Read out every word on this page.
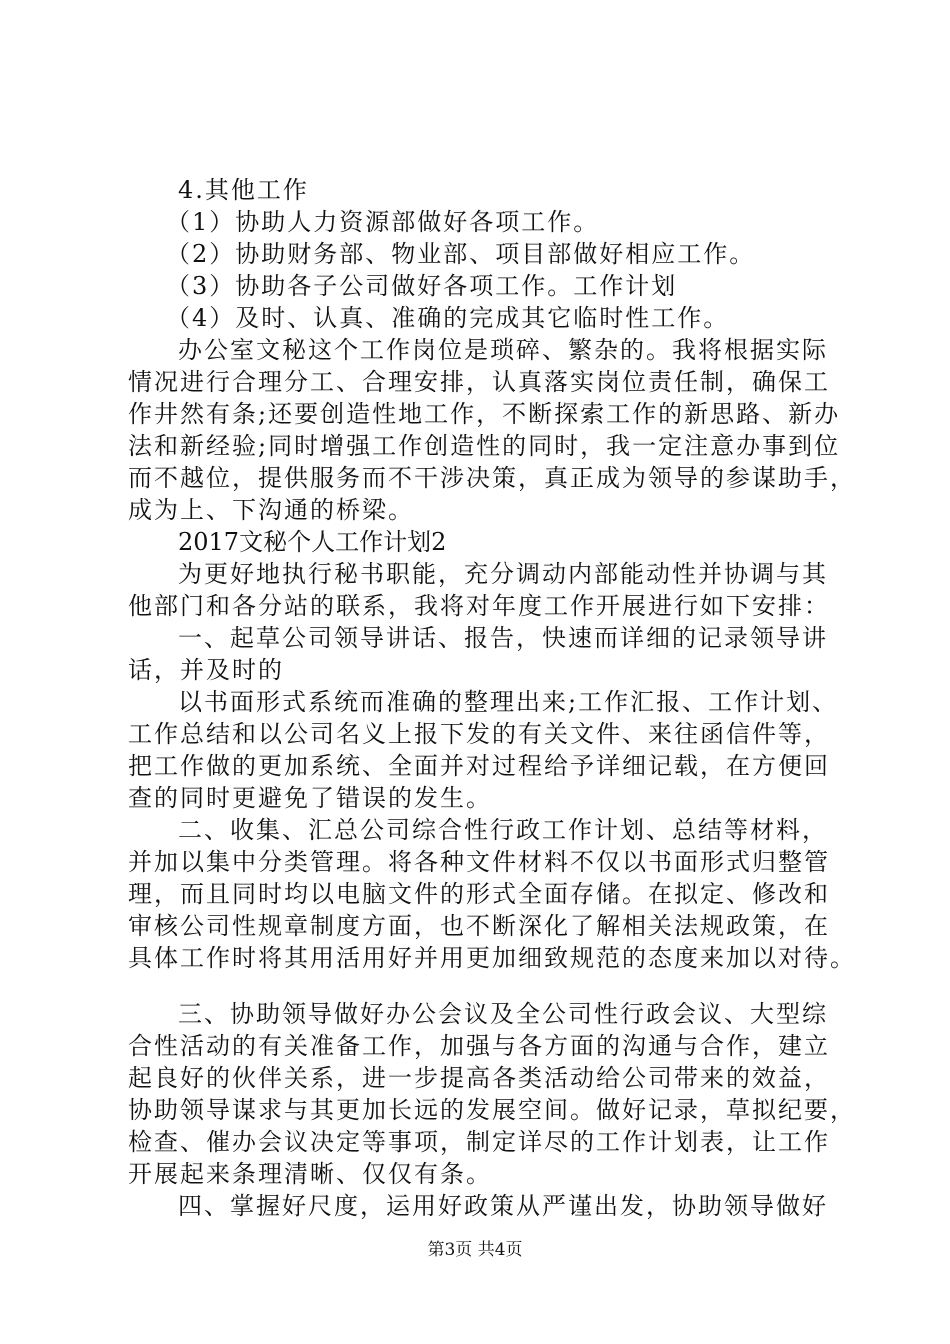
4.其他工作
（1）协助人力资源部做好各项工作。
（2）协助财务部、物业部、项目部做好相应工作。
（3）协助各子公司做好各项工作。工作计划
（4）及时、认真、准确的完成其它临时性工作。
办公室文秘这个工作岗位是琐碎、繁杂的。我将根据实际
情况进行合理分工、合理安排，认真落实岗位责任制，确保工
作井然有条;还要创造性地工作，不断探索工作的新思路、新办
法和新经验;同时增强工作创造性的同时，我一定注意办事到位
而不越位，提供服务而不干涉决策，真正成为领导的参谋助手，
成为上、下沟通的桥梁。
2017文秘个人工作计划2
为更好地执行秘书职能，充分调动内部能动性并协调与其
他部门和各分站的联系，我将对年度工作开展进行如下安排：
一、起草公司领导讲话、报告，快速而详细的记录领导讲
话，并及时的
以书面形式系统而准确的整理出来;工作汇报、工作计划、
工作总结和以公司名义上报下发的有关文件、来往函信件等，
把工作做的更加系统、全面并对过程给予详细记载，在方便回
查的同时更避免了错误的发生。
二、收集、汇总公司综合性行政工作计划、总结等材料，
并加以集中分类管理。将各种文件材料不仅以书面形式归整管
理，而且同时均以电脑文件的形式全面存储。在拟定、修改和
审核公司性规章制度方面，也不断深化了解相关法规政策，在
具体工作时将其用活用好并用更加细致规范的态度来加以对待。
三、协助领导做好办公会议及全公司性行政会议、大型综
合性活动的有关准备工作，加强与各方面的沟通与合作，建立
起良好的伙伴关系，进一步提高各类活动给公司带来的效益，
协助领导谋求与其更加长远的发展空间。做好记录，草拟纪要，
检查、催办会议决定等事项，制定详尽的工作计划表，让工作
开展起来条理清晰、仅仅有条。
四、掌握好尺度，运用好政策从严谨出发，协助领导做好
第3页 共4页
